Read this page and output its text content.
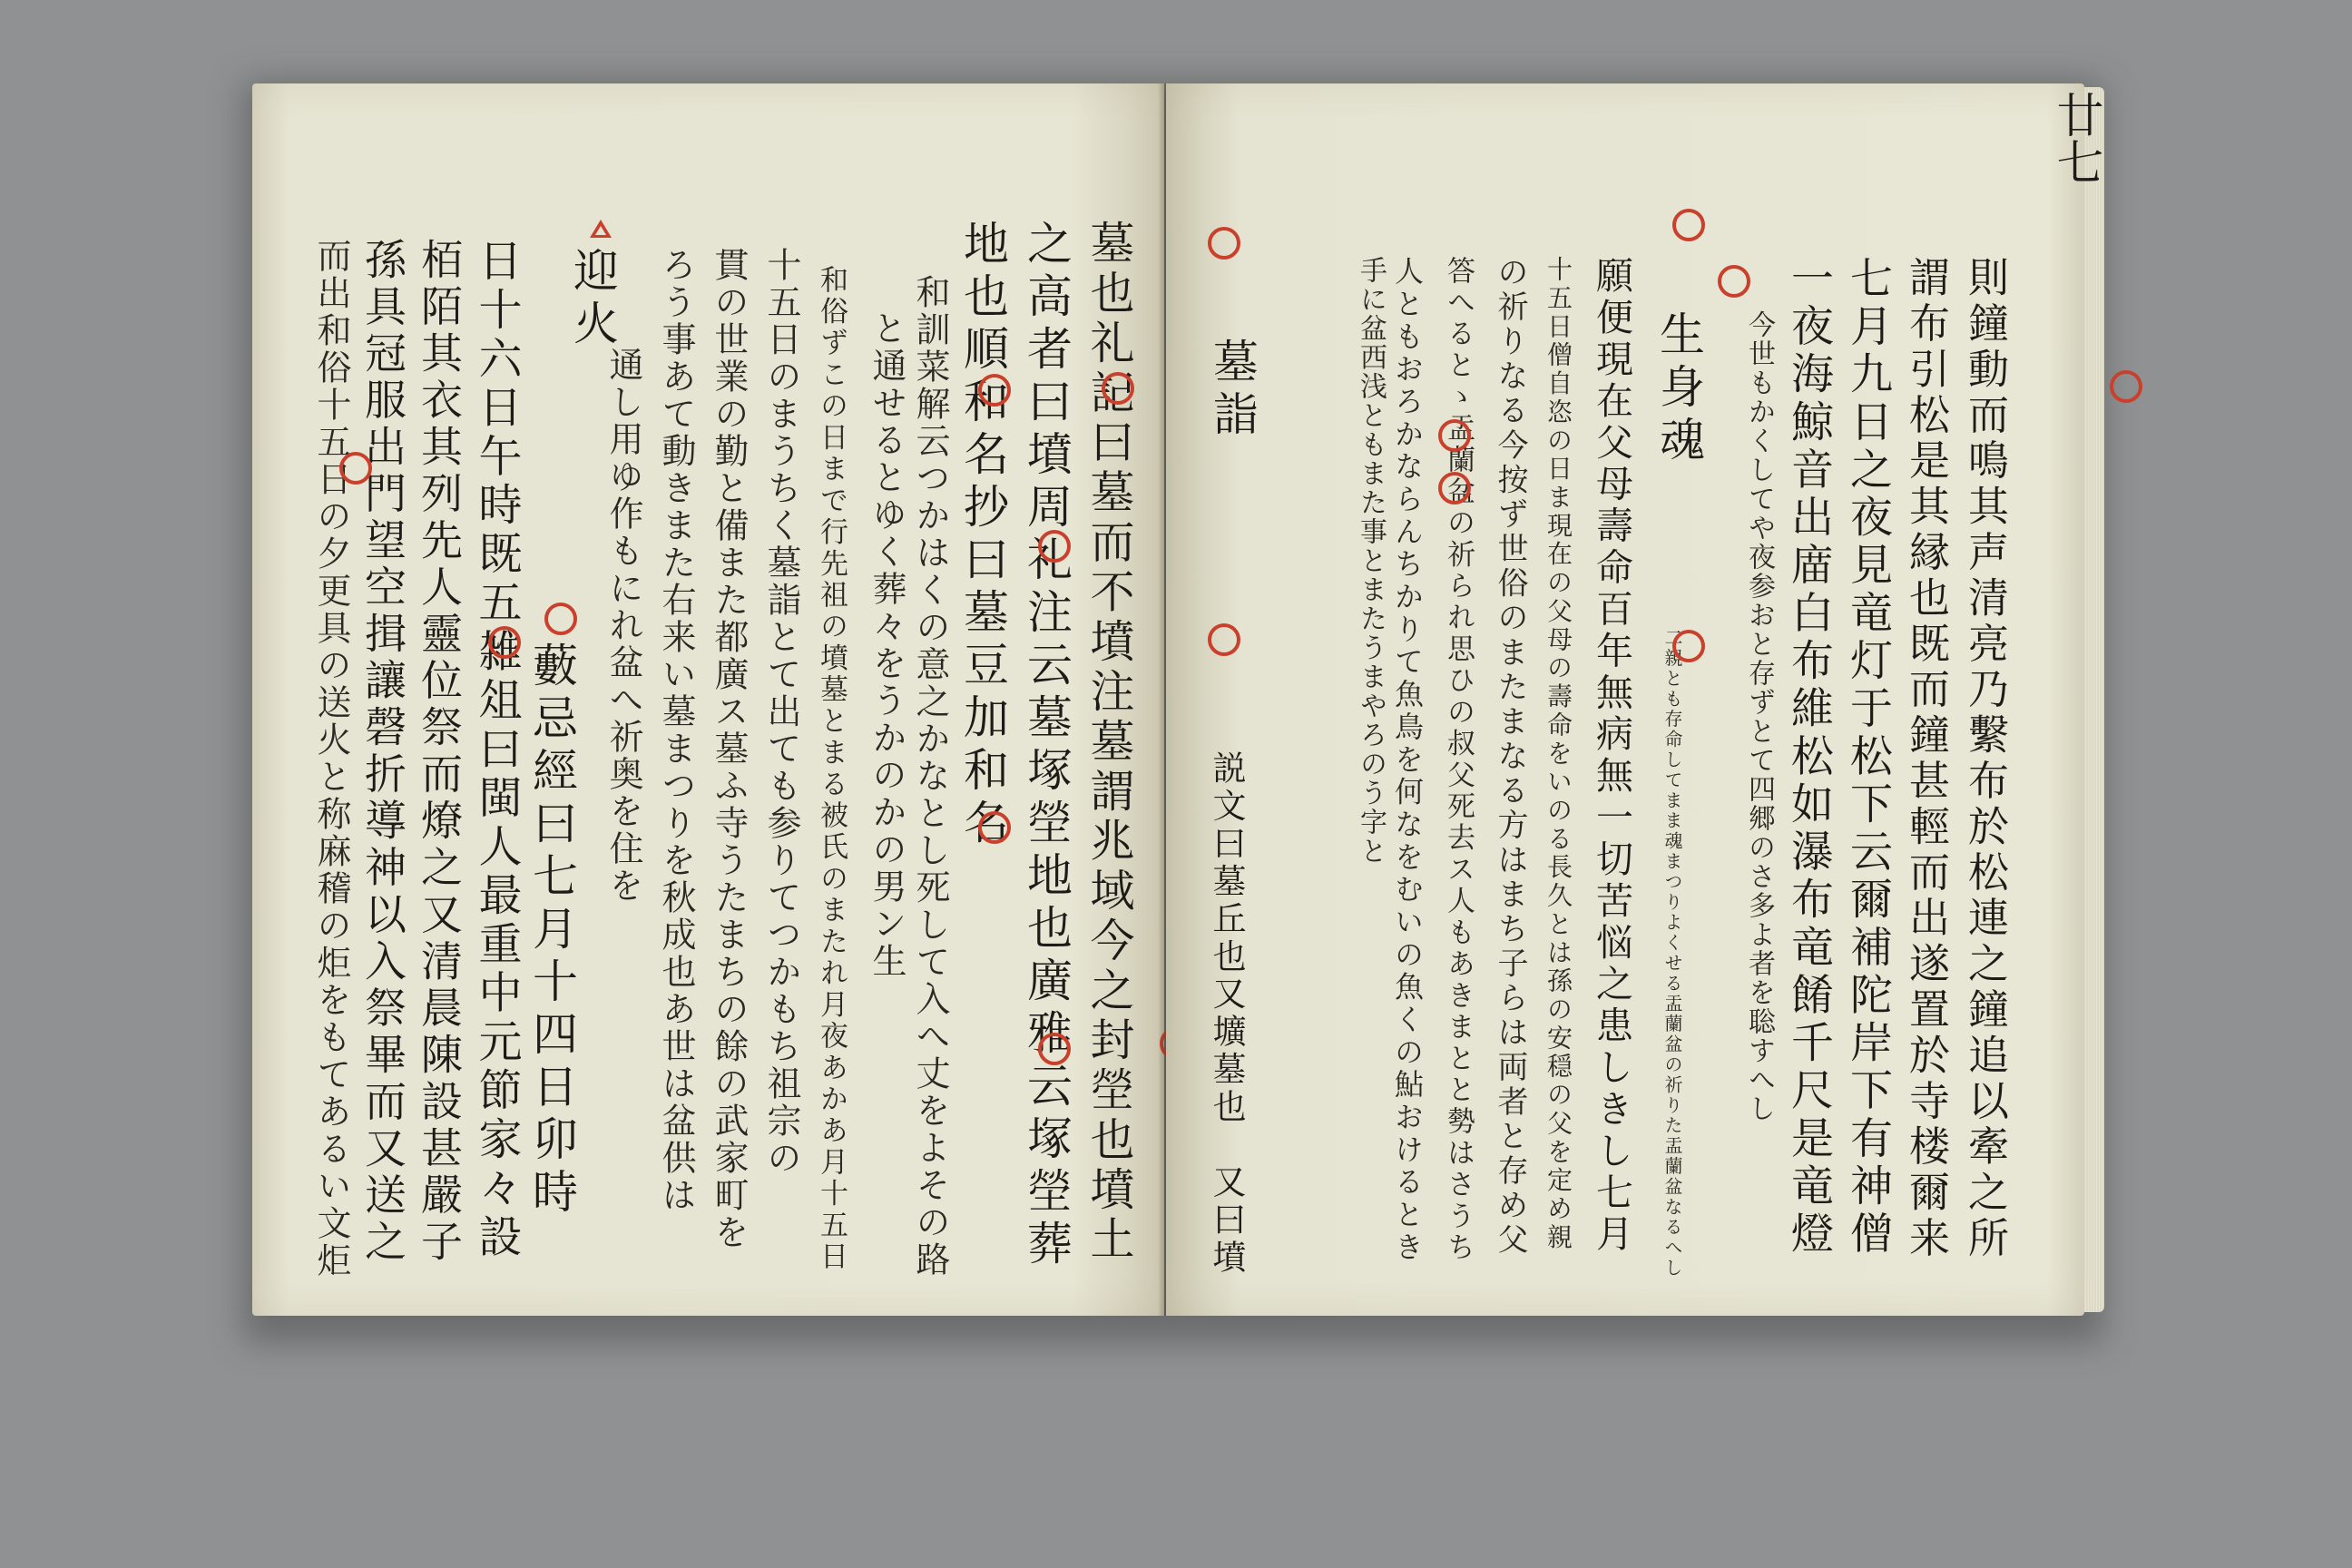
墓也礼記曰墓而不墳注墓謂兆域今之封塋也墳土
之高者曰墳周礼注云墓塚塋地也廣雅云塚塋葬
地也順和名抄曰墓豆加和名
和訓菜解云つかはくの意之かなとし死して入へ丈をよその路
と通せるとゆく葬々をうかのかの男ン生
和俗ずこの日まで行先祖の墳墓とまる被氏のまたれ月夜あかあ月十五日
十五日のまうちく墓詣とて出ても参りてつかもち祖宗の
貫の世業の勤と備また都廣ス墓ふ寺うたまちの餘の武家町を
ろう事あて動きまた右来い墓まつりを秋成也あ世は盆供は
通し用ゆ作もにれ盆へ祈奥を住を
迎火
藪忌經曰七月十四日卯時
日十六日午時既五雑俎曰閩人最重中元節家々設
栢陌其衣其列先人靈位祭而燎之又清晨陳設甚嚴子
孫具冠服出門望空揖讓磬折導神以入祭畢而又送之
而出和俗十五日の夕更具の送火と称麻稽の炬をもてあるい文炬	則鐘動而鳴其声清亮乃繫布於松連之鐘追以牽之所
謂布引松是其縁也既而鐘甚輕而出遂置於寺楼爾来
七月九日之夜見竜灯于松下云爾補陀岸下有神僧
一夜海鯨音出庿白布維松如瀑布竜餚千尺是竜燈
今世もかくしてや夜参おと存ずとて四郷のさ多よ者を聡すへし
生身魂
二親とも存命してまま魂まつりよくせる盂蘭盆の祈りた盂蘭盆なるへし
願便現在父母壽命百年無病無一切苦悩之患しきし七月
十五日僧自恣の日ま現在の父母の壽命をいのる長久とは孫の安穏の父を定め親
の祈りなる今按ず世俗のまたまなる方はまち子らは両者と存め父
答へるとゝ盂蘭盆の祈られ思ひの叔父死去ス人もあきまとと勢はさうち
人ともおろかならんちかりて魚鳥を何なをむいの魚くの鮎おけるとき
手に盆西浅ともまた事とまたうまやろのう字と
墓詣
説文曰墓丘也又壙墓也　又曰墳
廿七
